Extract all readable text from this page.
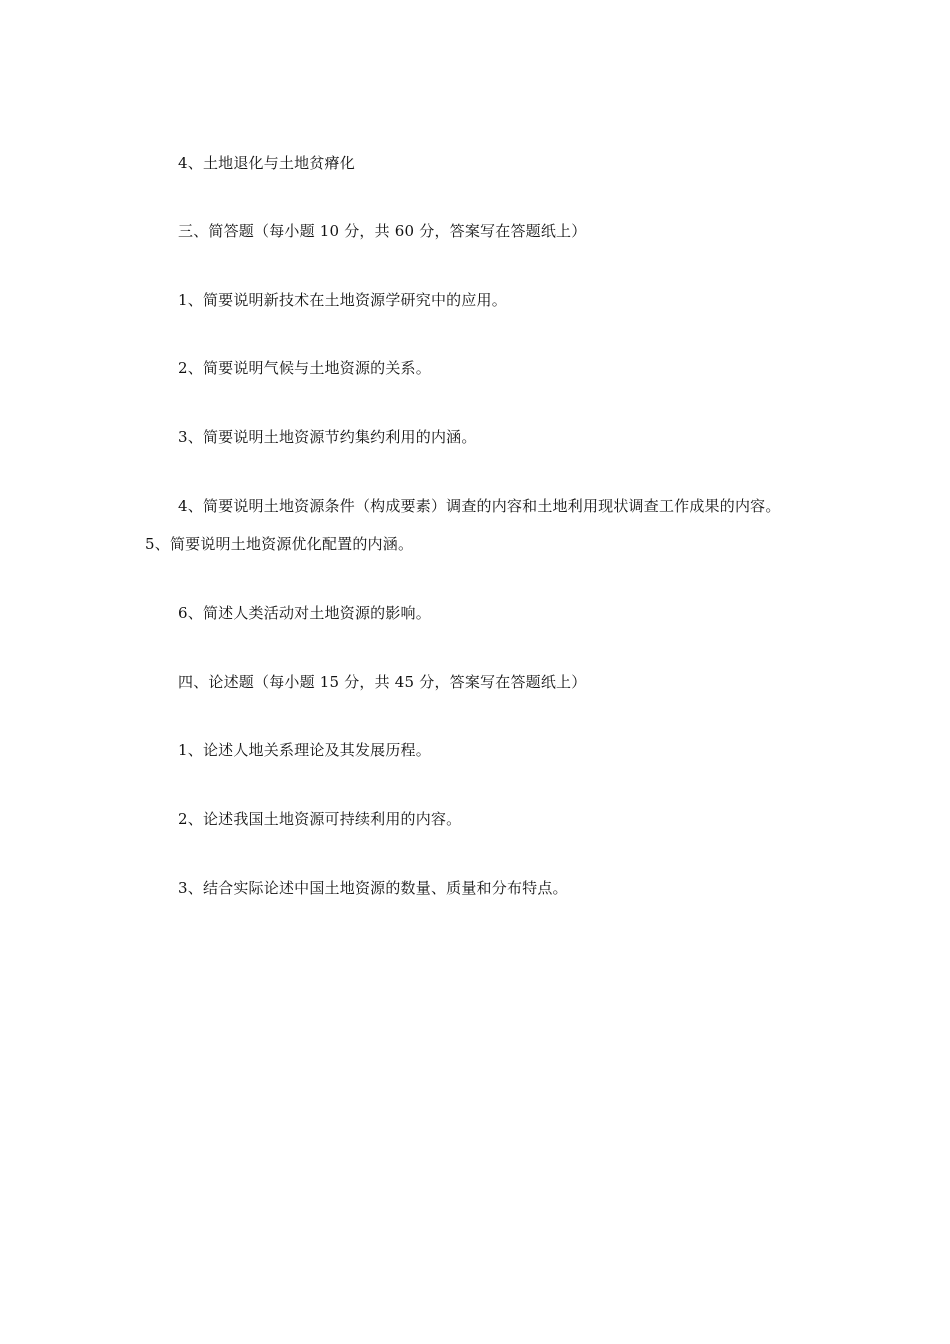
4、土地退化与土地贫瘠化
三、简答题（每小题 10 分，共 60 分，答案写在答题纸上）
1、简要说明新技术在土地资源学研究中的应用。
2、简要说明气候与土地资源的关系。
3、简要说明土地资源节约集约利用的内涵。
4、简要说明土地资源条件（构成要素）调查的内容和土地利用现状调查工作成果的内容。
5、简要说明土地资源优化配置的内涵。
6、简述人类活动对土地资源的影响。
四、论述题（每小题 15 分，共 45 分，答案写在答题纸上）
1、论述人地关系理论及其发展历程。
2、论述我国土地资源可持续利用的内容。
3、结合实际论述中国土地资源的数量、质量和分布特点。
